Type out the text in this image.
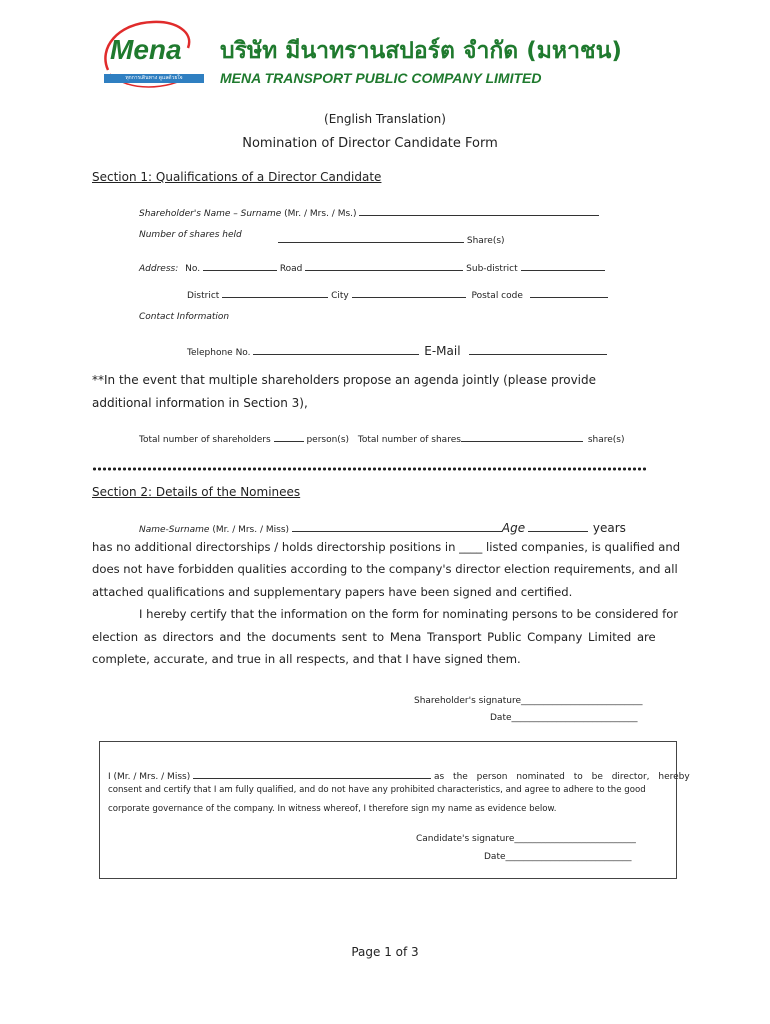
Mena
ทุกการเดินทาง ดูแลด้วยใจ
บริษัท มีนาทรานสปอร์ต จำกัด (มหาชน)
MENA TRANSPORT PUBLIC COMPANY LIMITED
(English Translation)
Nomination of Director Candidate Form
Section 1: Qualifications of a Director Candidate
Shareholder's Name – Surname (Mr. / Mrs. / Ms.)
Number of shares held
Share(s)
Address: No.	Road	Sub-district
District	City	Postal code
Contact Information
Telephone No.	E-Mail
**In the event that multiple shareholders propose an agenda jointly (please provide
additional information in Section 3),
Total number of shareholders	person(s) Total number of shares	share(s)
Section 2: Details of the Nominees
Name-Surname (Mr. / Mrs. / Miss)	Age	years
has no additional directorships / holds directorship positions in ____ listed companies, is qualified and
does not have forbidden qualities according to the company's director election requirements, and all
attached qualifications and supplementary papers have been signed and certified.
I hereby certify that the information on the form for nominating persons to be considered for
election as directors and the documents sent to Mena Transport Public Company Limited are
complete, accurate, and true in all respects, and that I have signed them.
Shareholder's signature___________________________
Date____________________________
I (Mr. / Mrs. / Miss)	as the person nominated to be director, hereby
consent and certify that I am fully qualified, and do not have any prohibited characteristics, and agree to adhere to the good
corporate governance of the company. In witness whereof, I therefore sign my name as evidence below.
Candidate's signature___________________________
Date____________________________
Page 1 of 3
